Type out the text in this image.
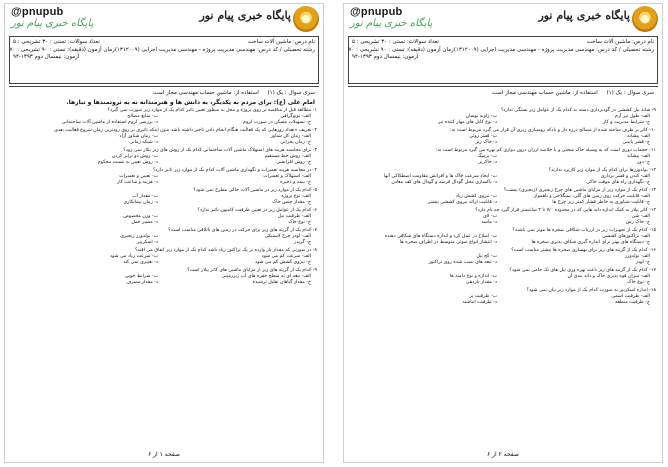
پایگاه خبری پیام نور
@pnupub
پایگاه خبری پیام نور
نام درس: ماشین آلات ساخت
تعداد سوالات: تستی : ۳۰ تشریحی : ۵
رشته تحصیلی / کد درس: مهندسی مدیریت پروژه - مهندسی مدیریت اجرایی (۱۳۱۲۰۰۹)
زمان آزمون (دقیقه): تستی : ۹۰ تشریحی : ۷۰
آزمون: نیمسال دوم ۱۳۹۳-۹۴
سری سوال : یک (۱)     استفاده از: ماشین حساب مهندسی مجاز است
امام علی (ع): برای مردم به یکدیگر، به دانش ها و هنرمندانه نه به ثروتمندها و تبارها.
۱- مطالعه قبل از مناقصه بر روی پروژه و محل به منظور تعیین تاثیر کدام یک از موارد زیر صورت نمی گیرد؟
الف- توپوگرافی
ب- منابع مصالح
ج- تسهیلات مسکن در صورت لزوم
د- بررسی لزوم استفاده از ماشین آلات ساختمانی
۲- تعریف «تعداد روزهایی که یک فعالیت هنگام انجام دادن تاخیر داشته باشد بدون اینکه تاثیری بر روی زودترین زمان شروع فعالیت بعدی
الف- زمان کل شناور
ب- زمان شناور آزاد
ج- زمان بحرانی
د- شبکه زمانی
۳- برای محاسبه هزینه های استهلاک ماشین آلات ساختمانی کدام یک از روش های زیر بکار نمی رود؟
الف- روش خط مستقیم
ب- روش دو برابر کردن
ج- روش افزایشی
د- روش تعیین به نسبت محکوم
۴- در محاسبه هزینه تعمیرات و نگهداری ماشین آلات کدام یک از موارد زیر تاثیر دارد؟
الف- استهلاک و تعمیرات
ب- تعیین و تعمیرات
ج- بیمه و ذخیره
د- هزینه و ساعت کار
۵- کدام یک از موارد زیر در ماشین آلات خاکی مطرح نمی شود؟
الف- نوع پروژه
ب- مقدار آب
ج- مقدار جنس خاک
د- زمان پیمانکاری
۶- کدام یک از عوامل زیر در تعیین ظرفیت کامیون تاثیر ندارد؟
الف- ظرفیت بیل
ب- وزن مخصوص
ج- نوع خاک
د- مسیر حمل
۷- کدام یک از گزینه های زیر برای حرکت در زمین های باتلاقی مناسب است؟
الف- لودر چرخ لاستیکی
ب- بولدوزر زنجیری
ج- گریدر
د- اسکریپر
۸- در صورتی که مقدار بار وارده بر یک تراکتور زیاد باشد کدام یک از موارد زیر اتفاق می افتد؟
الف- سرعت کم می شود
ب- سرعت زیاد می شود
ج- نیروی کشش کم می شود
د- تغییری نمی کند
۹- کدام یک از گزینه های زیر از مزایای ماشین های کاتر پیلار است؟
الف- تیغه ای به سطح حفره های آب زیرزمینی
ب- شرایط خوبی
ج- مقدار گیاهان تقلیل ترشیده
د- مقدار مصرف
صفحه ۱ از ۶
پایگاه خبری پیام نور
@pnupub
پایگاه خبری پیام نور
نام درس: ماشین آلات ساخت
تعداد سوالات: تستی : ۳۰ تشریحی : ۵
رشته تحصیلی / کد درس: مهندسی مدیریت پروژه - مهندسی مدیریت اجرایی (۱۳۱۲۰۰۹)
زمان آزمون (دقیقه): تستی : ۹۰ تشریحی : ۷۰
آزمون: نیمسال دوم ۱۳۹۳-۹۴
سری سوال : یک (۱)     استفاده از: ماشین حساب مهندسی مجاز است
۹- شانه بیل کششی در گودبرداری دسته به کدام یک از عوامل زیر بستگی ندارد؟
الف- طول تیر آرم
ب- زاویه نوسان
ج- شرایط مدیریت و کار
د- نوع کابل های مهار کننده تیر
۱۰- کاتر بر ظرف ساخته شده از مصالح درزه دار و بادکه روسیاری زیری آن قرار می گیرد مربوط است به:
الف- پیشانه
ب- قشر روئی
ج- قشر پایینی
د- خاک ریز
۱۱- حجمات دوری است که به وسیله خاک سختی و با خلاصه ارزان درون دوازی کم بهره می گیرد مربوط است به:
الف- پیشانه
ب- پرمیگ
ج- دور
د- خاکریز
۱۲- بولدوزرها برای کدام یک از موارد زیر کاربرد ندارند؟
الف- کندن و قشر برداری
ب- ایجاد سرعت خاک ها و افزایش مقاومت اصطکاکی آنها
ج- نگهداری راه های موقت خاکی
د- پاکسازی محل گودال قرضه و گودال های کف معادن
۱۳- کدام یک از موارد زیر از مزایای ماشین های چرخ زنجیری (زنجیری) نیست؟
الف- قابلیت حرکت روی زمین های گلی، سنگلاخی و ناهموار
ب- نیروی کشش زیاد
ج- قابلیت شناوری به خاطر فشار کمتر زیر چرخ ها
د- قابلیت ارائه نیروی کششی بیشتر
۱۴- کاتر پیلار به کمک اندازه دانه هایی که در محدوده ۷/۰ تا ۳ سانتیمتر قرار گیرد چه نام دارد؟
الف- شن
ب- لای
ج- خاک رس
د- ماسه
۱۵- کدام یک از تجهیزات زیر در ارزیاب شکافی صخره ها موثر نمی باشند؟
الف- تراکتورهای کششی
ب- اصلاح در عمل کرد و اندازه دستگاه های شکافی دهنده
ج- دستگاه های بهتر برای اندازه گیری شکاف پذیری صخره ها
د- انتشار انواع صوتی متوسط در اطراف صخره ها
۱۶- کدام یک از گزینه های زیر برای بهسازی صخره ها بیشتر مناسب است؟
الف- بولدوزر
ب- کج بیل
ج- لودر
د- تیغه های نصب شده روی تراکتور
۱۷- کدام یک از گزینه های زیر باعث بهره وری بیل های تک جامی نمی شود؟
الف- میزان قوه پذیری خاک و دانه بندی آن
ب- اندازه و نوع دامنه ها
ج- نوع خاک
د- مقدار بازدهی
۱۸- اندازه اسکریپر به صورت کدام یک از موارد زیر بیان نمی شود؟
الف- ظرفیت اسمی
ب- ظرفیت پر
ج- ظرفیت منظقه
د- ظرفیت انباشته
صفحه ۲ از ۶
